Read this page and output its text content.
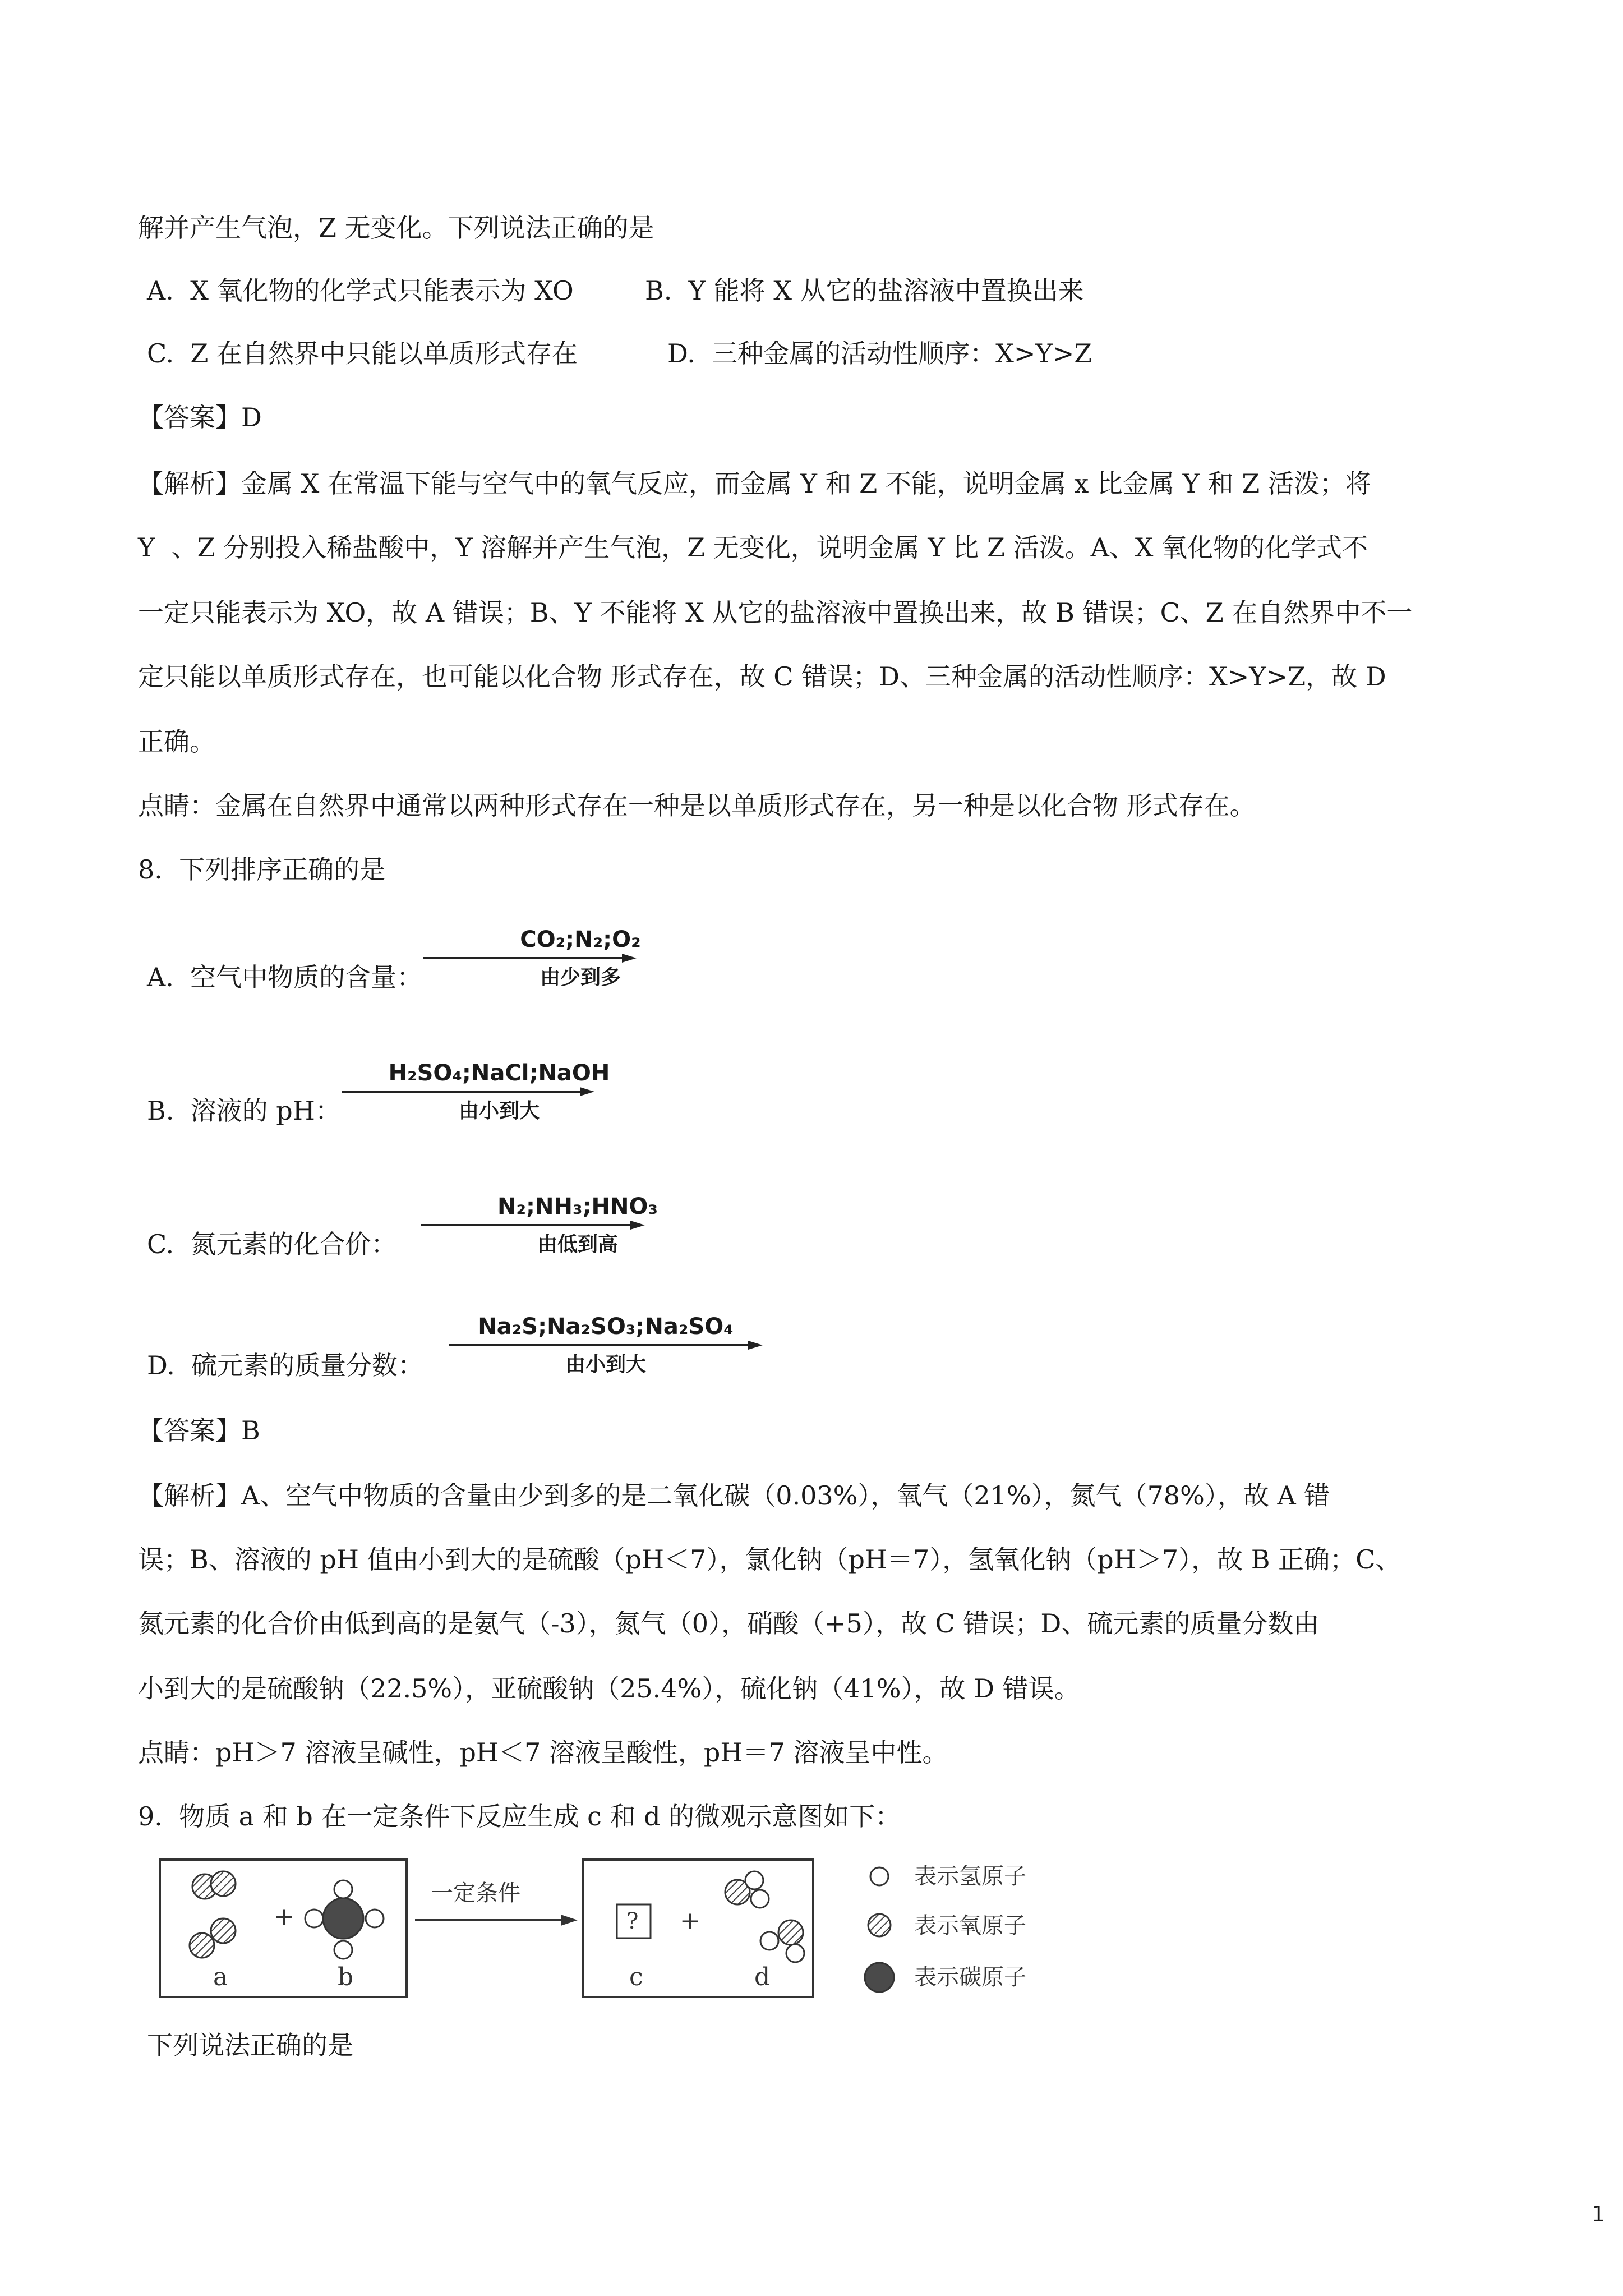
解并产生气泡，Z 无变化。下列说法正确的是
A.  X 氧化物的化学式只能表示为 XO	B.  Y 能将 X 从它的盐溶液中置换出来
C.  Z 在自然界中只能以单质形式存在	D.  三种金属的活动性顺序：X>Y>Z
【答案】D
【解析】金属 X 在常温下能与空气中的氧气反应，而金属 Y 和 Z 不能，说明金属 x 比金属 Y 和 Z 活泼；将
Y  、Z 分别投入稀盐酸中，Y 溶解并产生气泡，Z 无变化，说明金属 Y 比 Z 活泼。A、X 氧化物的化学式不
一定只能表示为 XO，故 A 错误；B、Y 不能将 X 从它的盐溶液中置换出来，故 B 错误；C、Z 在自然界中不一
定只能以单质形式存在，也可能以化合物 形式存在，故 C 错误；D、三种金属的活动性顺序：X>Y>Z，故 D
正确。
点睛：金属在自然界中通常以两种形式存在一种是以单质形式存在，另一种是以化合物 形式存在。
8.  下列排序正确的是
A.  空气中物质的含量：
CO₂;N₂;O₂
由少到多
B.  溶液的 pH：
H₂SO₄;NaCl;NaOH
由小到大
C.  氮元素的化合价：
N₂;NH₃;HNO₃
由低到高
D.  硫元素的质量分数：
Na₂S;Na₂SO₃;Na₂SO₄
由小到大
【答案】B
【解析】A、空气中物质的含量由少到多的是二氧化碳（0.03%），氧气（21%），氮气（78%），故 A 错
误；B、溶液的 pH 值由小到大的是硫酸（pH＜7），氯化钠（pH＝7），氢氧化钠（pH＞7），故 B 正确；C、
氮元素的化合价由低到高的是氨气（-3），氮气（0），硝酸（+5），故 C 错误；D、硫元素的质量分数由
小到大的是硫酸钠（22.5%），亚硫酸钠（25.4%），硫化钠（41%），故 D 错误。
点睛：pH＞7 溶液呈碱性，pH＜7 溶液呈酸性，pH＝7 溶液呈中性。
9.  物质 a 和 b 在一定条件下反应生成 c 和 d 的微观示意图如下：
+	+
?
一定条件
a	b	c	d
表示氢原子
表示氧原子
表示碳原子
下列说法正确的是
1
